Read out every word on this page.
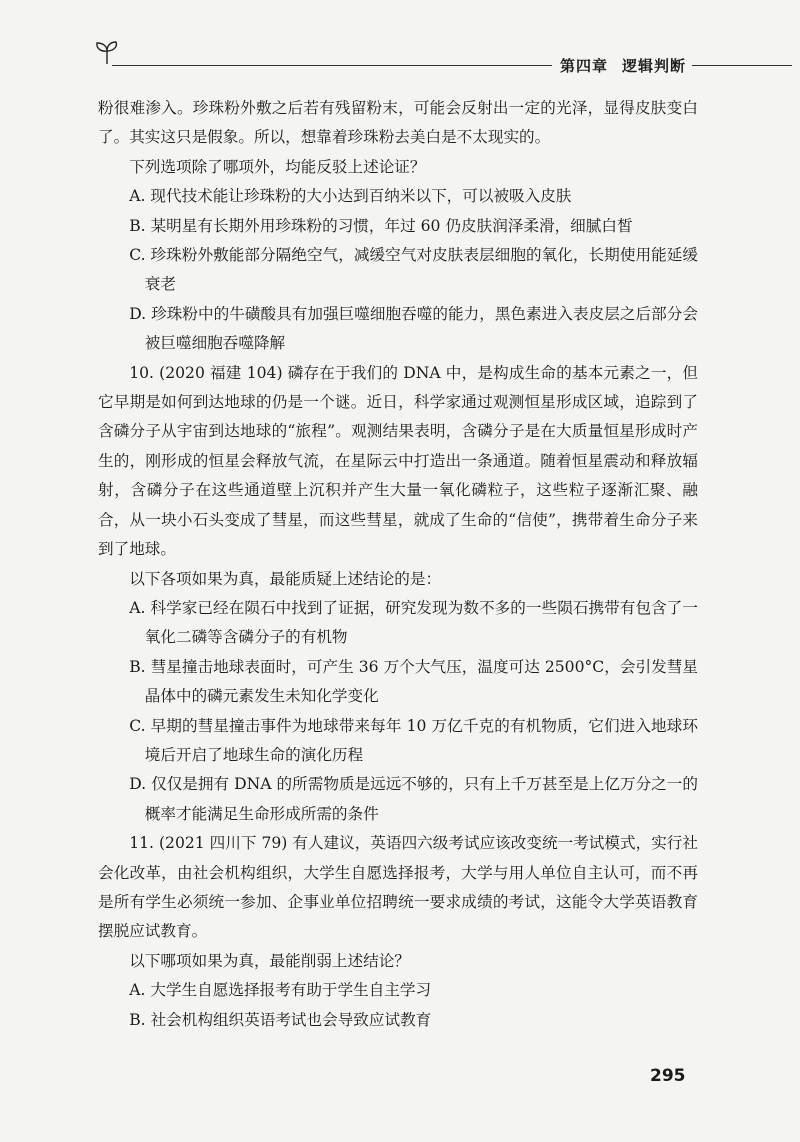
第四章 逻辑判断

粉很难渗入。珍珠粉外敷之后若有残留粉末，可能会反射出一定的光泽，显得皮肤变白了。其实这只是假象。所以，想靠着珍珠粉去美白是不太现实的。

下列选项除了哪项外，均能反驳上述论证？

A. 现代技术能让珍珠粉的大小达到百纳米以下，可以被吸入皮肤

B. 某明星有长期外用珍珠粉的习惯，年过 60 仍皮肤润泽柔滑，细腻白皙

C. 珍珠粉外敷能部分隔绝空气，减缓空气对皮肤表层细胞的氧化，长期使用能延缓衰老

D. 珍珠粉中的牛磺酸具有加强巨噬细胞吞噬的能力，黑色素进入表皮层之后部分会被巨噬细胞吞噬降解

10. (2020 福建 104) 磷存在于我们的 DNA 中，是构成生命的基本元素之一，但它早期是如何到达地球的仍是一个谜。近日，科学家通过观测恒星形成区域，追踪到了含磷分子从宇宙到达地球的“旅程”。观测结果表明，含磷分子是在大质量恒星形成时产生的，刚形成的恒星会释放气流，在星际云中打造出一条通道。随着恒星震动和释放辐射，含磷分子在这些通道壁上沉积并产生大量一氧化磷粒子，这些粒子逐渐汇聚、融合，从一块小石头变成了彗星，而这些彗星，就成了生命的“信使”，携带着生命分子来到了地球。

以下各项如果为真，最能质疑上述结论的是：

A. 科学家已经在陨石中找到了证据，研究发现为数不多的一些陨石携带有包含了一氧化二磷等含磷分子的有机物

B. 彗星撞击地球表面时，可产生 36 万个大气压，温度可达 2500°C，会引发彗星晶体中的磷元素发生未知化学变化

C. 早期的彗星撞击事件为地球带来每年 10 万亿千克的有机物质，它们进入地球环境后开启了地球生命的演化历程

D. 仅仅是拥有 DNA 的所需物质是远远不够的，只有上千万甚至是上亿万分之一的概率才能满足生命形成所需的条件

11. (2021 四川下 79) 有人建议，英语四六级考试应该改变统一考试模式，实行社会化改革，由社会机构组织，大学生自愿选择报考，大学与用人单位自主认可，而不再是所有学生必须统一参加、企事业单位招聘统一要求成绩的考试，这能令大学英语教育摆脱应试教育。

以下哪项如果为真，最能削弱上述结论？

A. 大学生自愿选择报考有助于学生自主学习

B. 社会机构组织英语考试也会导致应试教育

295
